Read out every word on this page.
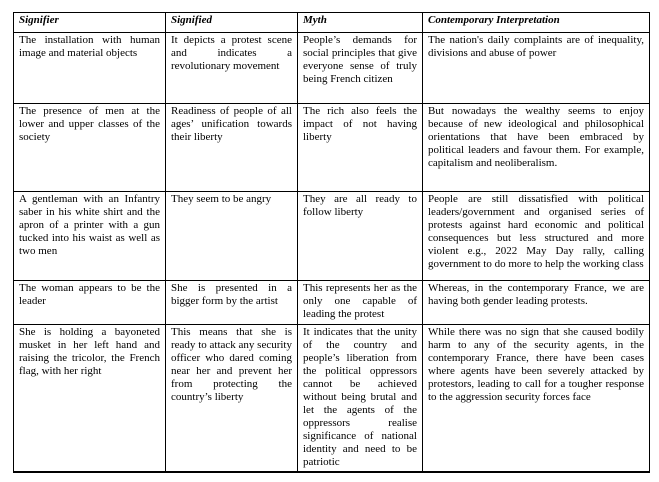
Signifier	Signified	Myth	Contemporary Interpretation
The installation with human image and material objects	It depicts a protest scene and indicates a revolutionary movement	People’s demands for social principles that give everyone sense of truly being French citizen	The nation's daily complaints are of inequality, divisions and abuse of power
The presence of men at the lower and upper classes of the society	Readiness of people of all ages’ unification towards their liberty	The rich also feels the impact of not having liberty	But nowadays the wealthy seems to enjoy because of new ideological and philosophical orientations that have been embraced by political leaders and favour them. For example, capitalism and neoliberalism.
A gentleman with an Infantry saber in his white shirt and the apron of a printer with a gun tucked into his waist as well as two men	They seem to be angry	They are all ready to follow liberty	People are still dissatisfied with political leaders/government and organised series of protests against hard economic and political consequences but less structured and more violent e.g., 2022 May Day rally, calling government to do more to help the working class
The woman appears to be the leader	She is presented in a bigger form by the artist	This represents her as the only one capable of leading the protest	Whereas, in the contemporary France, we are having both gender leading protests.
She is holding a bayoneted musket in her left hand and raising the tricolor, the French flag, with her right	This means that she is ready to attack any security officer who dared coming near her and prevent her from protecting the country’s liberty	It indicates that the unity of the country and people’s liberation from the political oppressors cannot be achieved without being brutal and let the agents of the oppressors realise significance of national identity and need to be patriotic	While there was no sign that she caused bodily harm to any of the security agents, in the contemporary France, there have been cases where agents have been severely attacked by protestors, leading to call for a tougher response to the aggression security forces face
